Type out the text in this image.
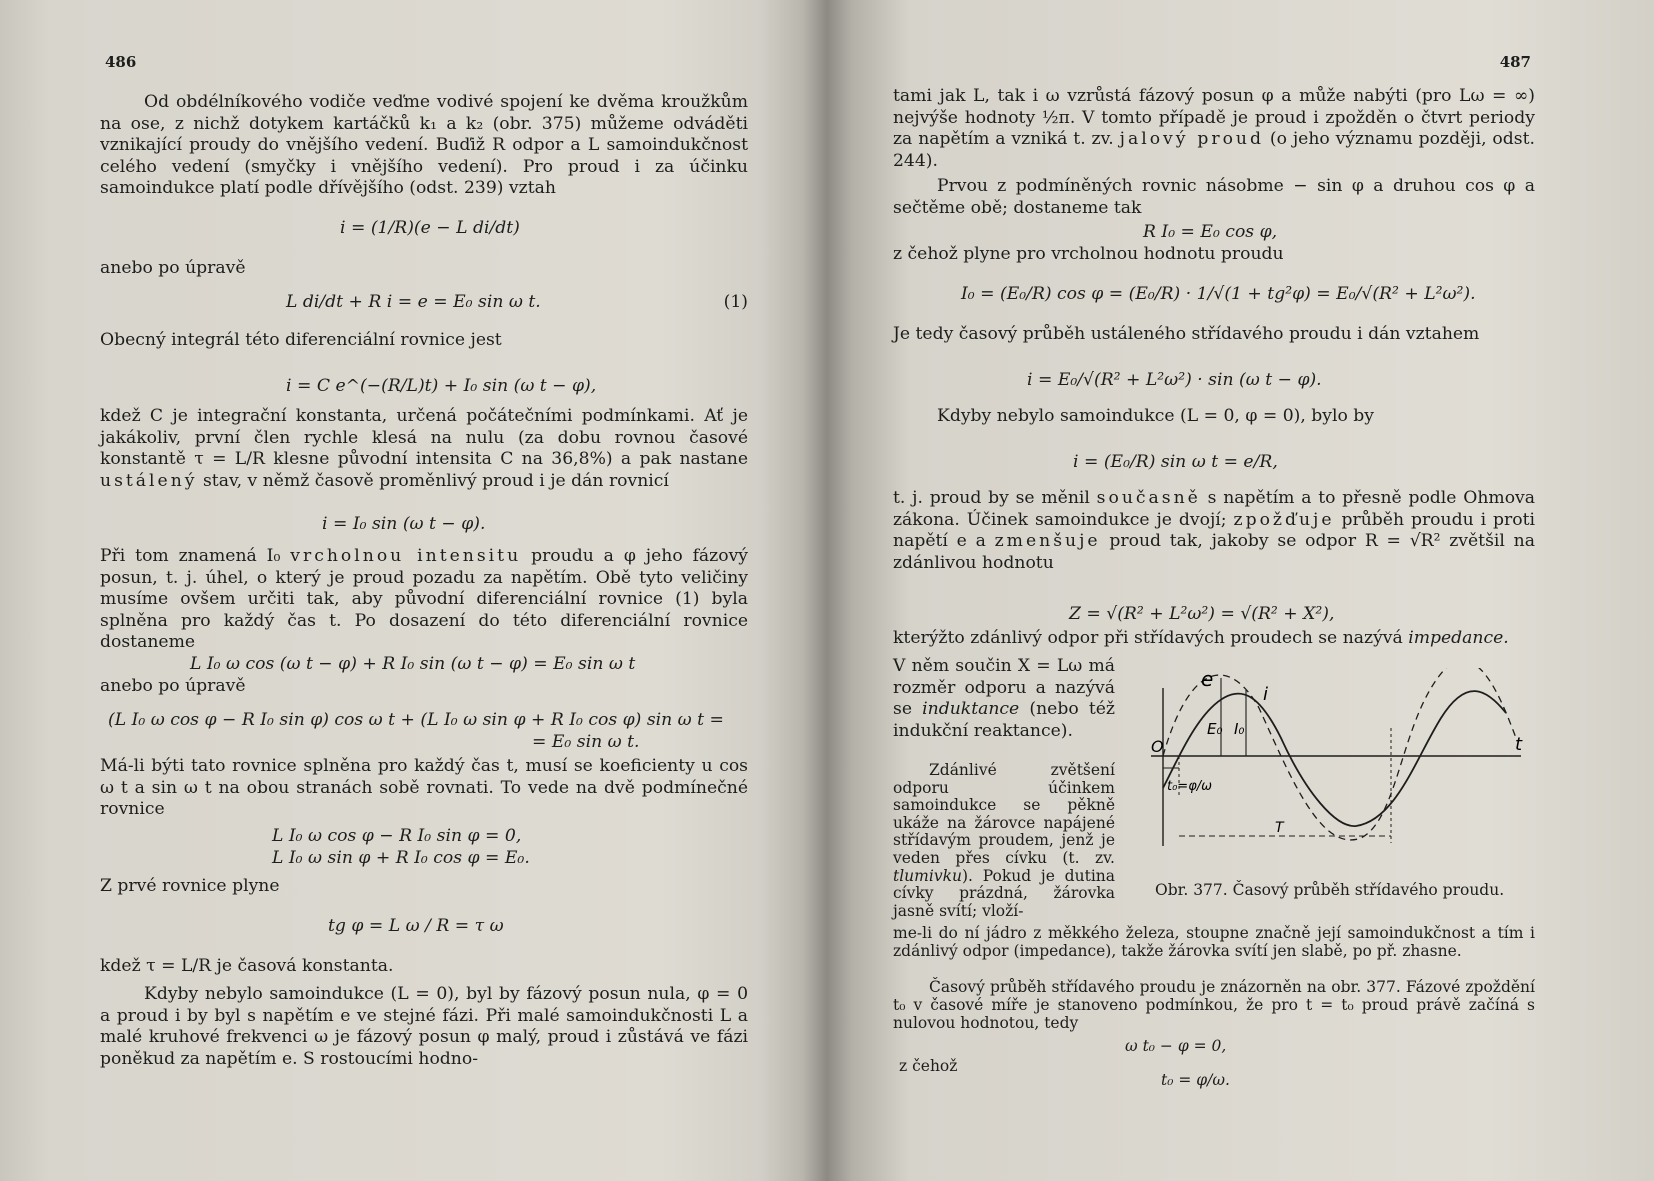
486

Od obdélníkového vodiče veďme vodivé spojení ke dvěma kroužkům na ose, z nichž dotykem kartáčků k₁ a k₂ (obr. 375) můžeme odváděti vznikající proudy do vnějšího vedení. Buďiž R odpor a L samoindukčnost celého vedení (smyčky i vnějšího vedení). Pro proud i za účinku samoindukce platí podle dřívějšího (odst. 239) vztah

i = (1/R)(e − L di/dt)
anebo po úpravě
L di/dt + R i = e = E₀ sin ω t.	(1)

Obecný integrál této diferenciální rovnice jest

i = C e^(−(R/L)t) + I₀ sin (ω t − φ),

kdež C je integrační konstanta, určená počátečními podmínkami. Ať je jakákoliv, první člen rychle klesá na nulu (za dobu rovnou časové konstantě τ = L/R klesne původní intensita C na 36,8%) a pak nastane ustálený stav, v němž časově proměnlivý proud i je dán rovnicí

i = I₀ sin (ω t − φ).

Při tom znamená I₀ vrcholnou intensitu proudu a φ jeho fázový posun, t. j. úhel, o který je proud pozadu za napětím. Obě tyto veličiny musíme ovšem určiti tak, aby původní diferenciální rovnice (1) byla splněna pro každý čas t. Po dosazení do této diferenciální rovnice dostaneme

L I₀ ω cos (ω t − φ) + R I₀ sin (ω t − φ) = E₀ sin ω t
anebo po úpravě
(L I₀ ω cos φ − R I₀ sin φ) cos ω t + (L I₀ ω sin φ + R I₀ cos φ) sin ω t =
= E₀ sin ω t.

Má-li býti tato rovnice splněna pro každý čas t, musí se koeficienty u cos ω t a sin ω t na obou stranách sobě rovnati. To vede na dvě podmínečné rovnice

L I₀ ω cos φ − R I₀ sin φ = 0,
L I₀ ω sin φ + R I₀ cos φ = E₀.
Z prvé rovnice plyne
tg φ = L ω / R = τ ω
kdež τ = L/R je časová konstanta.

Kdyby nebylo samoindukce (L = 0), byl by fázový posun nula, φ = 0 a proud i by byl s napětím e ve stejné fázi. Při malé samoindukčnosti L a malé kruhové frekvenci ω je fázový posun φ malý, proud i zůstává ve fázi poněkud za napětím e. S rostoucími hodno-

487

tami jak L, tak i ω vzrůstá fázový posun φ a může nabýti (pro Lω = ∞) nejvýše hodnoty ½π. V tomto případě je proud i zpožděn o čtvrt periody za napětím a vzniká t. zv. jalový proud (o jeho významu později, odst. 244).

Prvou z podmíněných rovnic násobme − sin φ a druhou cos φ a sečtěme obě; dostaneme tak

R I₀ = E₀ cos φ,
z čehož plyne pro vrcholnou hodnotu proudu
I₀ = (E₀/R) cos φ = (E₀/R) · 1/√(1 + tg²φ) = E₀/√(R² + L²ω²).
Je tedy časový průběh ustáleného střídavého proudu i dán vztahem
i = E₀/√(R² + L²ω²) · sin (ω t − φ).
Kdyby nebylo samoindukce (L = 0, φ = 0), bylo by
i = (E₀/R) sin ω t = e/R,

t. j. proud by se měnil současně s napětím a to přesně podle Ohmova zákona. Účinek samoindukce je dvojí; zpožďuje průběh proudu i proti napětí e a zmenšuje proud tak, jakoby se odpor R = √R² zvětšil na zdánlivou hodnotu

Z = √(R² + L²ω²) = √(R² + X²),

kterýžto zdánlivý odpor při střídavých proudech se nazývá impedance.

V něm součin X = Lω má rozměr odporu a nazývá se induktance (nebo též indukční reaktance).
Zdánlivé zvětšení odporu účinkem samoindukce se pěkně ukáže na žárovce napájené střídavým proudem, jenž je veden přes cívku (t. zv. tlumivku). Pokud je dutina cívky prázdná, žárovka jasně svítí; vloží-
e
i
E₀ I₀
O	t
t₀=φ/ω
T
Obr. 377. Časový průběh střídavého proudu.
me-li do ní jádro z měkkého železa, stoupne značně její samoindukčnost a tím i zdánlivý odpor (impedance), takže žárovka svítí jen slabě, po př. zhasne.
Časový průběh střídavého proudu je znázorněn na obr. 377. Fázové zpoždění t₀ v časové míře je stanoveno podmínkou, že pro t = t₀ proud právě začíná s nulovou hodnotou, tedy
ω t₀ − φ = 0,
z čehož
t₀ = φ/ω.
